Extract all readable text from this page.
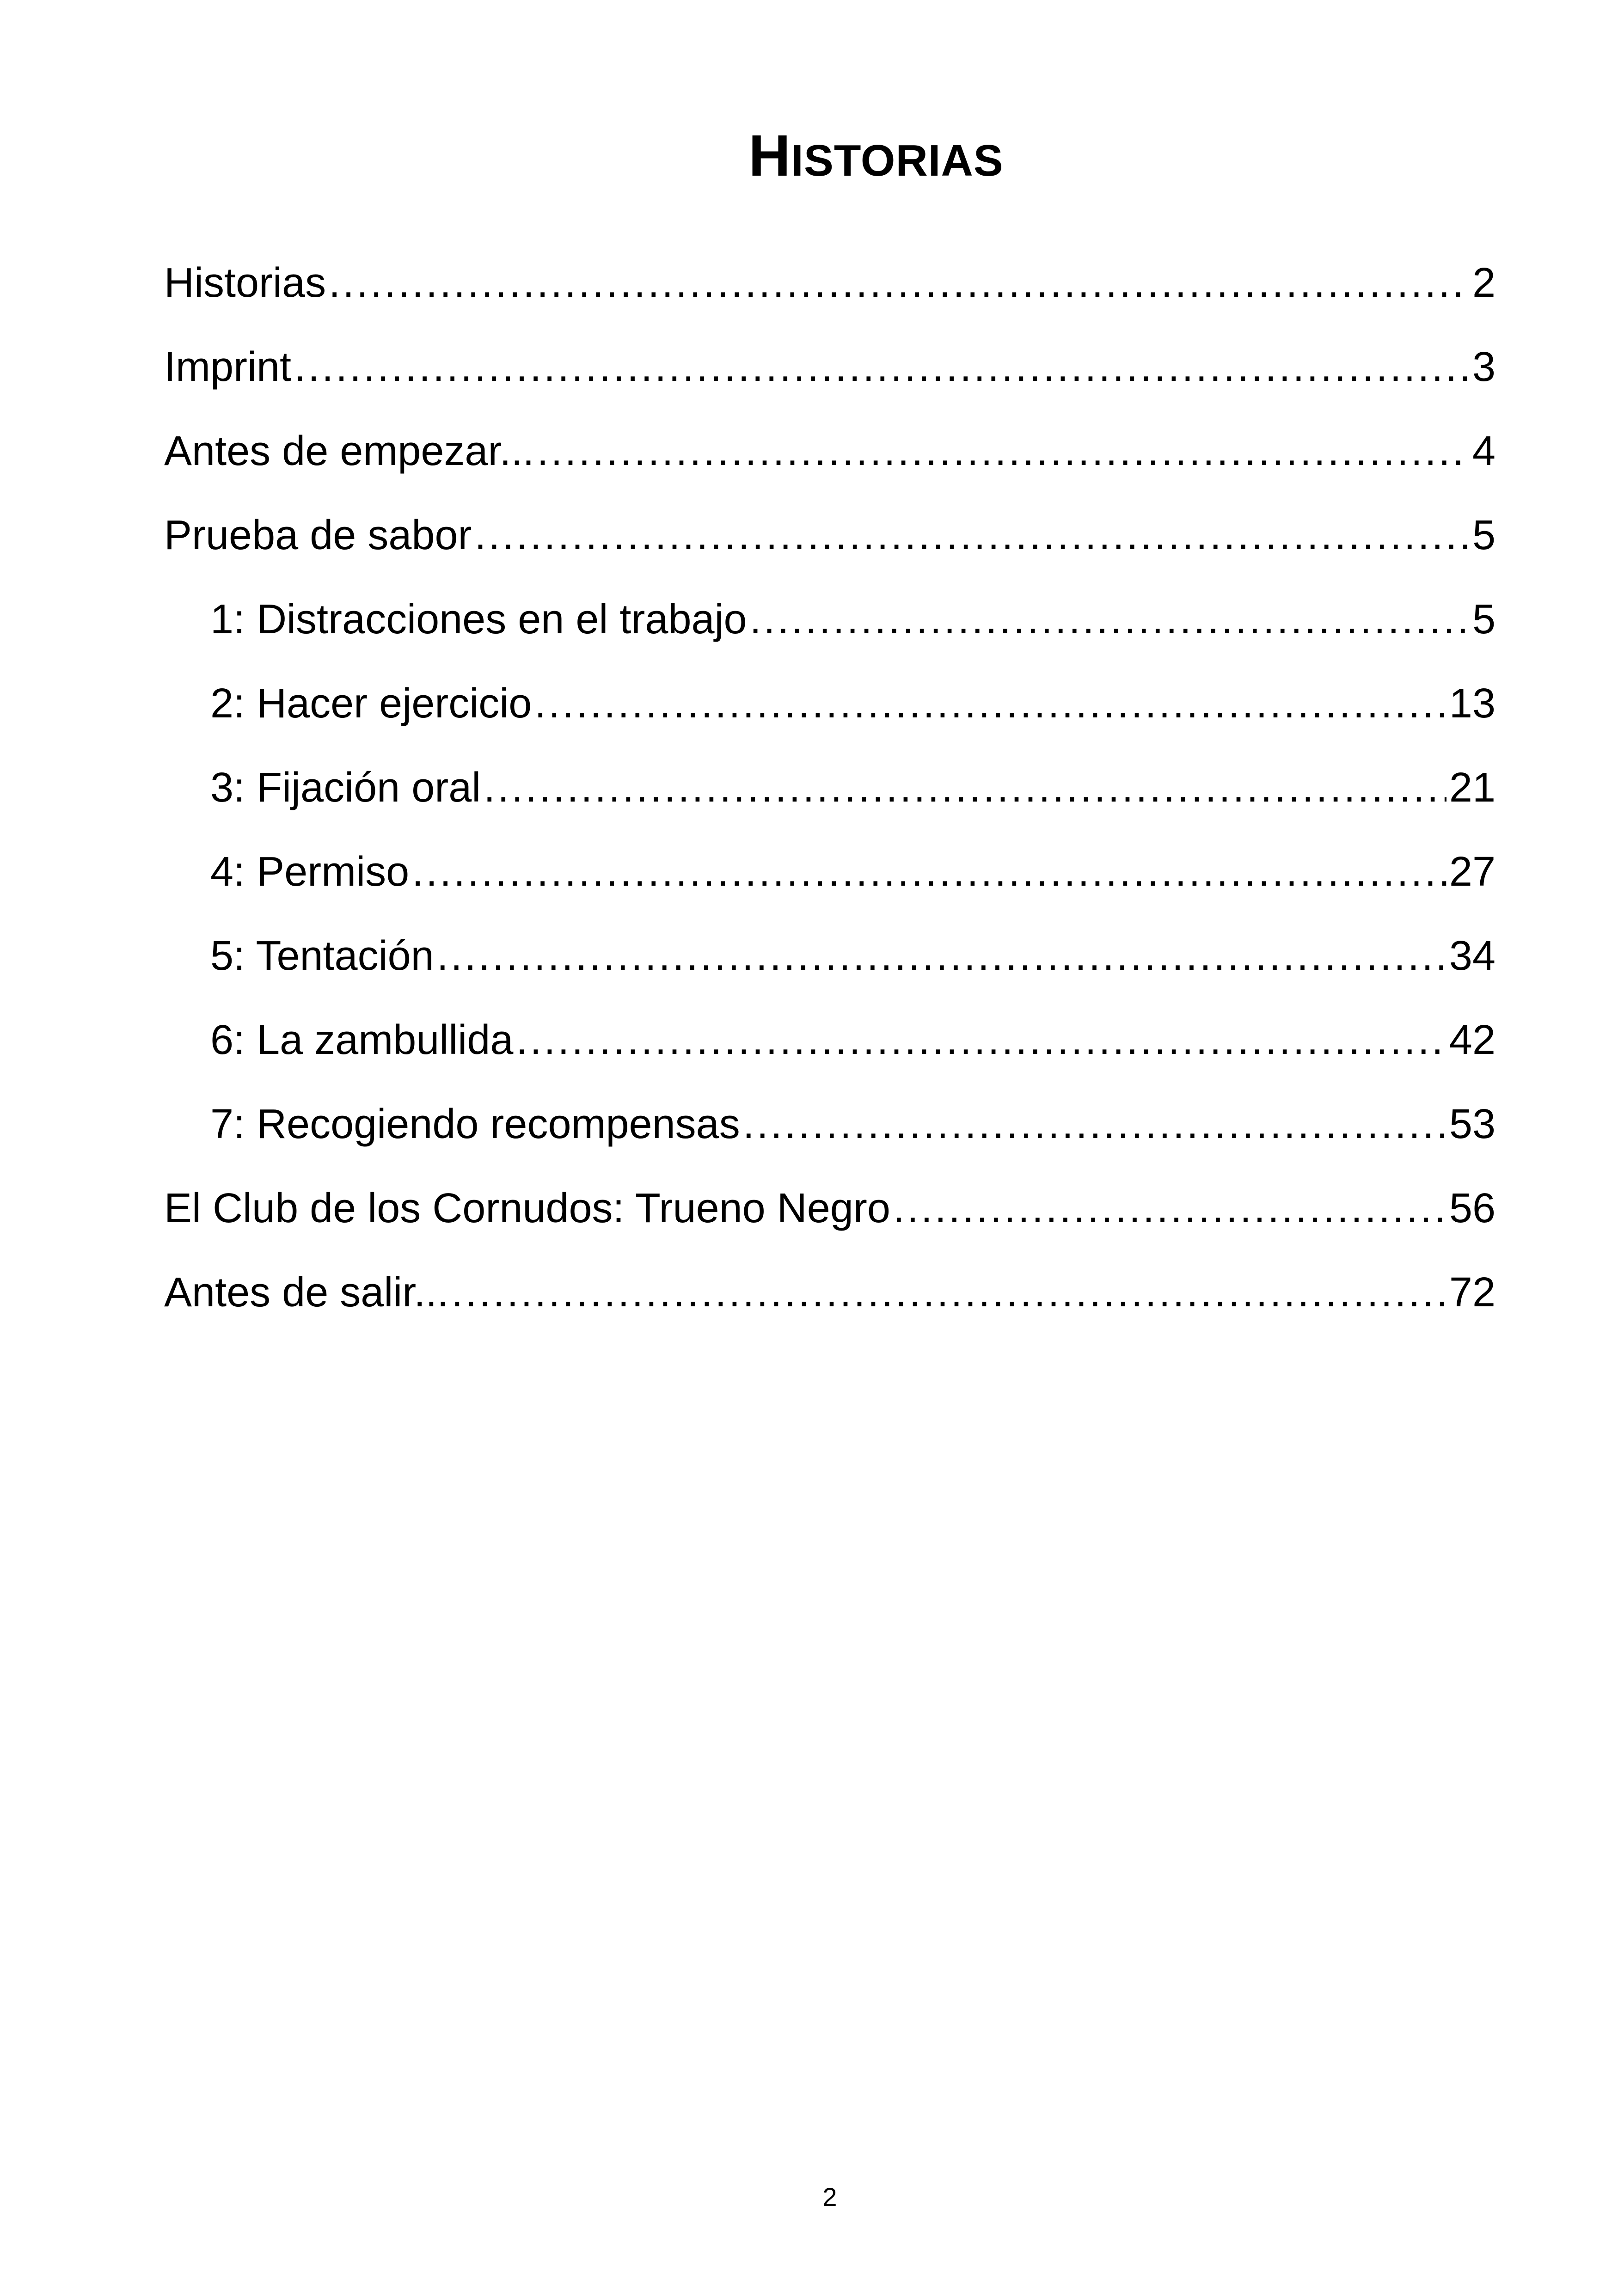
HISTORIAS
Historias .....	2
Imprint .....	3
Antes de empezar... .....	4
Prueba de sabor .....	5
1: Distracciones en el trabajo .....	5
2: Hacer ejercicio .....	13
3: Fijación oral .....	21
4: Permiso .....	27
5: Tentación .....	34
6: La zambullida .....	42
7: Recogiendo recompensas .....	53
El Club de los Cornudos: Trueno Negro .....	56
Antes de salir... .....	72
2
